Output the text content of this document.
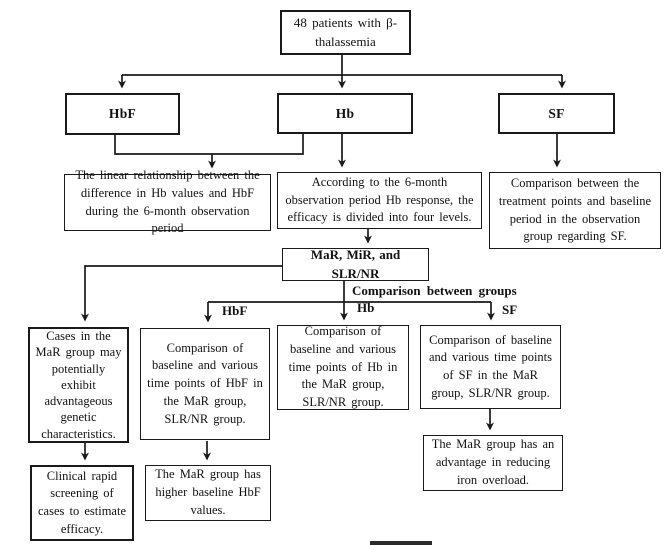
48 patients with β-thalassemia
HbF	Hb	SF
The linear relationship between the difference in Hb values and HbF during the 6-month observation period
According to the 6-month observation period Hb response, the efficacy is divided into four levels.
Comparison between the treatment points and baseline period in the observation group regarding SF.
MaR, MiR, and SLR/NR
Comparison between groups
HbF	Hb	SF
Cases in the MaR group may potentially exhibit advantageous genetic characteristics.
Comparison of baseline and various time points of HbF in the MaR group, SLR/NR group.
Comparison of baseline and various time points of Hb in the MaR group, SLR/NR group.
Comparison of baseline and various time points of SF in the MaR group, SLR/NR group.
Clinical rapid screening of cases to estimate efficacy.
The MaR group has higher baseline HbF values.
The MaR group has an advantage in reducing iron overload.
